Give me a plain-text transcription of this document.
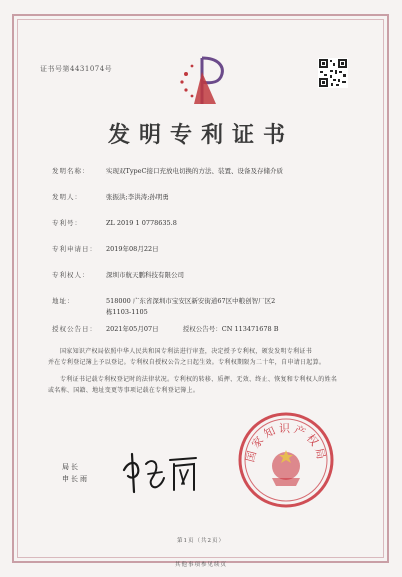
证书号第4431074号
发明专利证书
发明名称：	实现双TypeC接口充放电切换的方法、装置、设备及存储介质
发明人：	张振洪;李洪涛;孙明勇
专利号：	ZL 2019 1 0778635.8
专利申请日： 2019年08月22日
专利权人：	深圳市航天鹏科技有限公司
地址：	518000 广东省深圳市宝安区新安街道67区中粮创智厂区2
栋1103-1105
授权公告日： 2021年05月07日	授权公告号：CN 113471678 B
国家知识产权局依照中华人民共和国专利法进行审查，决定授予专利权，颁发发明专利证书
并在专利登记簿上予以登记。专利权自授权公告之日起生效。专利权期限为二十年，自申请日起算。
专利证书记载专利权登记时的法律状况。专利权的转移、质押、无效、终止、恢复和专利权人的姓名
或名称、国籍、地址变更等事项记载在专利登记簿上。
局长
申长雨
国家知识产权局
第1页（共2页）
其他事项参见续页
